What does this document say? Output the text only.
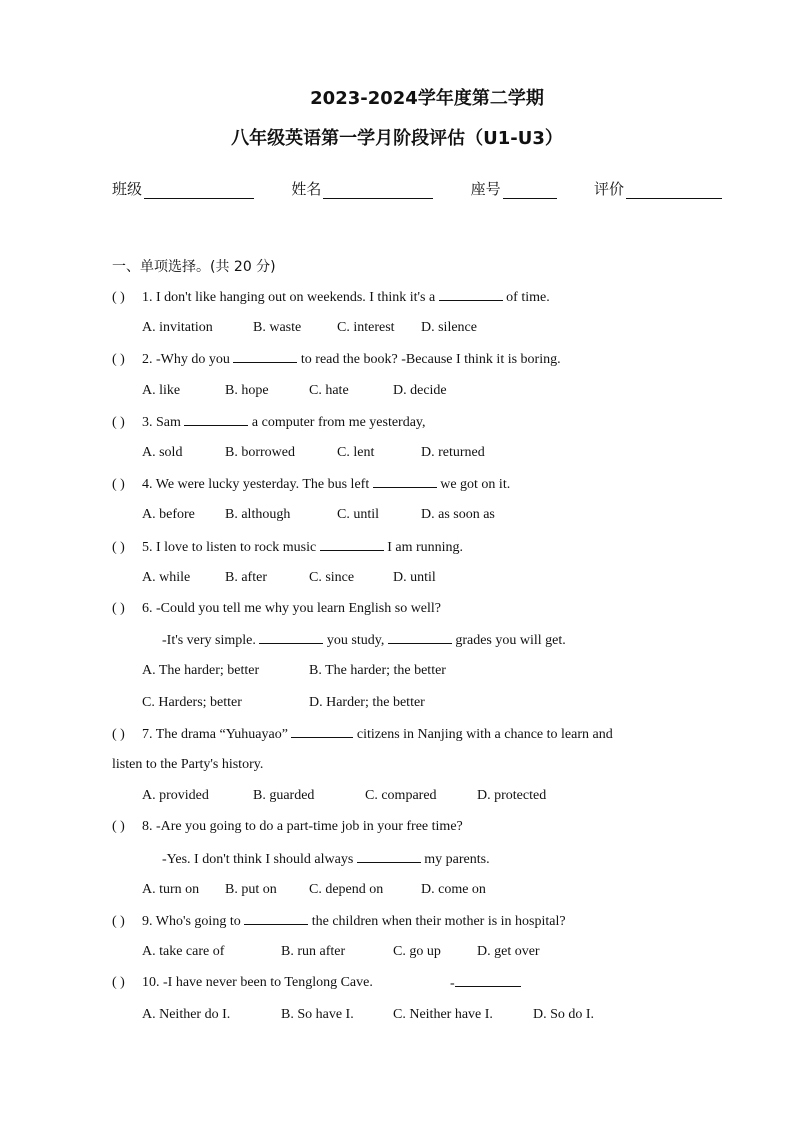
2023-2024学年度第二学期
八年级英语第一学月阶段评估（U1-U3）
班级	姓名	座号	评价
一、单项选择。(共 20 分)
( ) 1. I don't like hanging out on weekends. I think it's a	of time.
A. invitation	B. waste	C. interest D. silence
( ) 2. -Why do you	to read the book? -Because I think it is boring.
A. like	B. hope	C. hate	D. decide
( ) 3. Sam	a computer from me yesterday,
A. sold	B. borrowed	C. lent	D. returned
( ) 4. We were lucky yesterday. The bus left	we got on it.
A. before B. although	C. until	D. as soon as
( ) 5. I love to listen to rock music	I am running.
A. while B. after	C. since	D. until
( ) 6. -Could you tell me why you learn English so well?
-It's very simple.	you study,	grades you will get.
A. The harder; better	B. The harder; the better
C. Harders; better	D. Harder; the better
( ) 7. The drama “Yuhuayao”	citizens in Nanjing with a chance to learn and
listen to the Party's history.
A. provided	B. guarded	C. compared	D. protected
( ) 8. -Are you going to do a part-time job in your free time?
-Yes. I don't think I should always	my parents.
A. turn on B. put on C. depend on	D. come on
( ) 9. Who's going to	the children when their mother is in hospital?
A. take care of	B. run after	C. go up	D. get over
( ) 10. -I have never been to Tenglong Cave.	-
A. Neither do I.	B. So have I.	C. Neither have I.	D. So do I.
